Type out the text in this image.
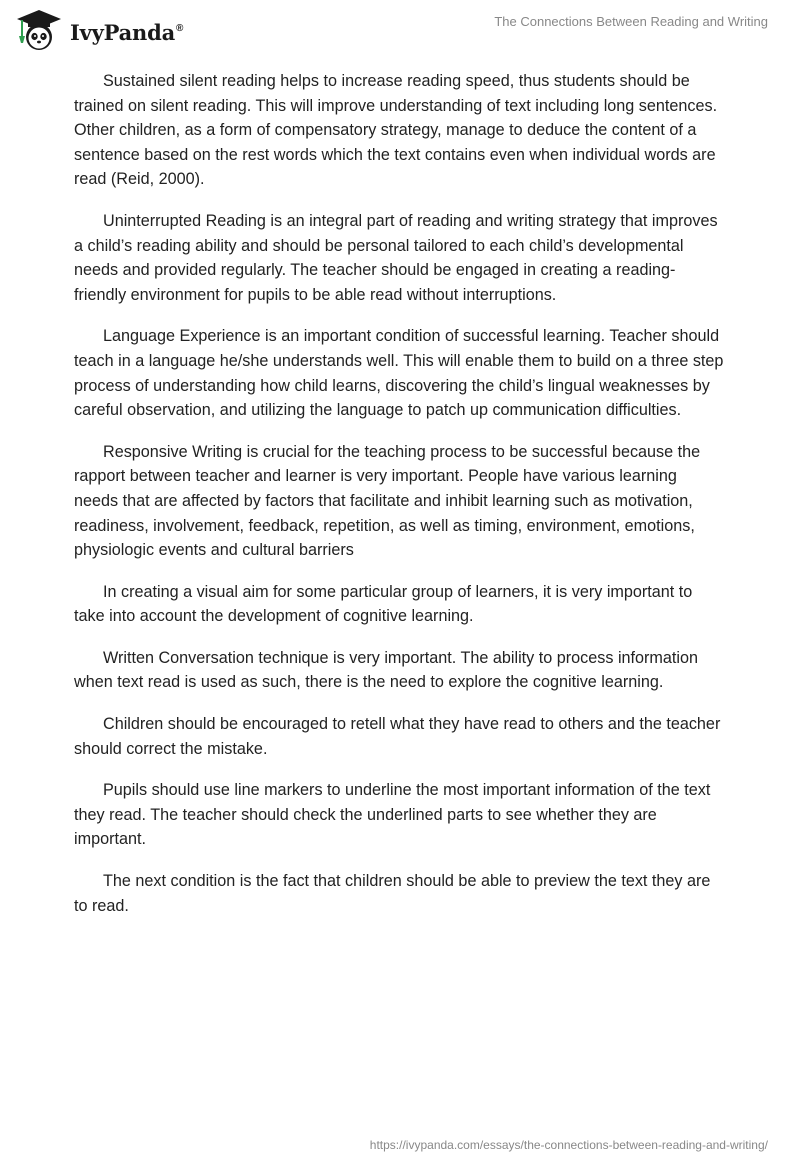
IvyPanda®	The Connections Between Reading and Writing

Sustained silent reading helps to increase reading speed, thus students should be trained on silent reading. This will improve understanding of text including long sentences. Other children, as a form of compensatory strategy, manage to deduce the content of a sentence based on the rest words which the text contains even when individual words are read (Reid, 2000).

Uninterrupted Reading is an integral part of reading and writing strategy that improves a child’s reading ability and should be personal tailored to each child’s developmental needs and provided regularly. The teacher should be engaged in creating a reading-friendly environment for pupils to be able read without interruptions.

Language Experience is an important condition of successful learning. Teacher should teach in a language he/she understands well. This will enable them to build on a three step process of understanding how child learns, discovering the child’s lingual weaknesses by careful observation, and utilizing the language to patch up communication difficulties.

Responsive Writing is crucial for the teaching process to be successful because the rapport between teacher and learner is very important. People have various learning needs that are affected by factors that facilitate and inhibit learning such as motivation, readiness, involvement, feedback, repetition, as well as timing, environment, emotions, physiologic events and cultural barriers

In creating a visual aim for some particular group of learners, it is very important to take into account the development of cognitive learning.

Written Conversation technique is very important. The ability to process information when text read is used as such, there is the need to explore the cognitive learning.

Children should be encouraged to retell what they have read to others and the teacher should correct the mistake.

Pupils should use line markers to underline the most important information of the text they read. The teacher should check the underlined parts to see whether they are important.

The next condition is the fact that children should be able to preview the text they are to read.

https://ivypanda.com/essays/the-connections-between-reading-and-writing/
